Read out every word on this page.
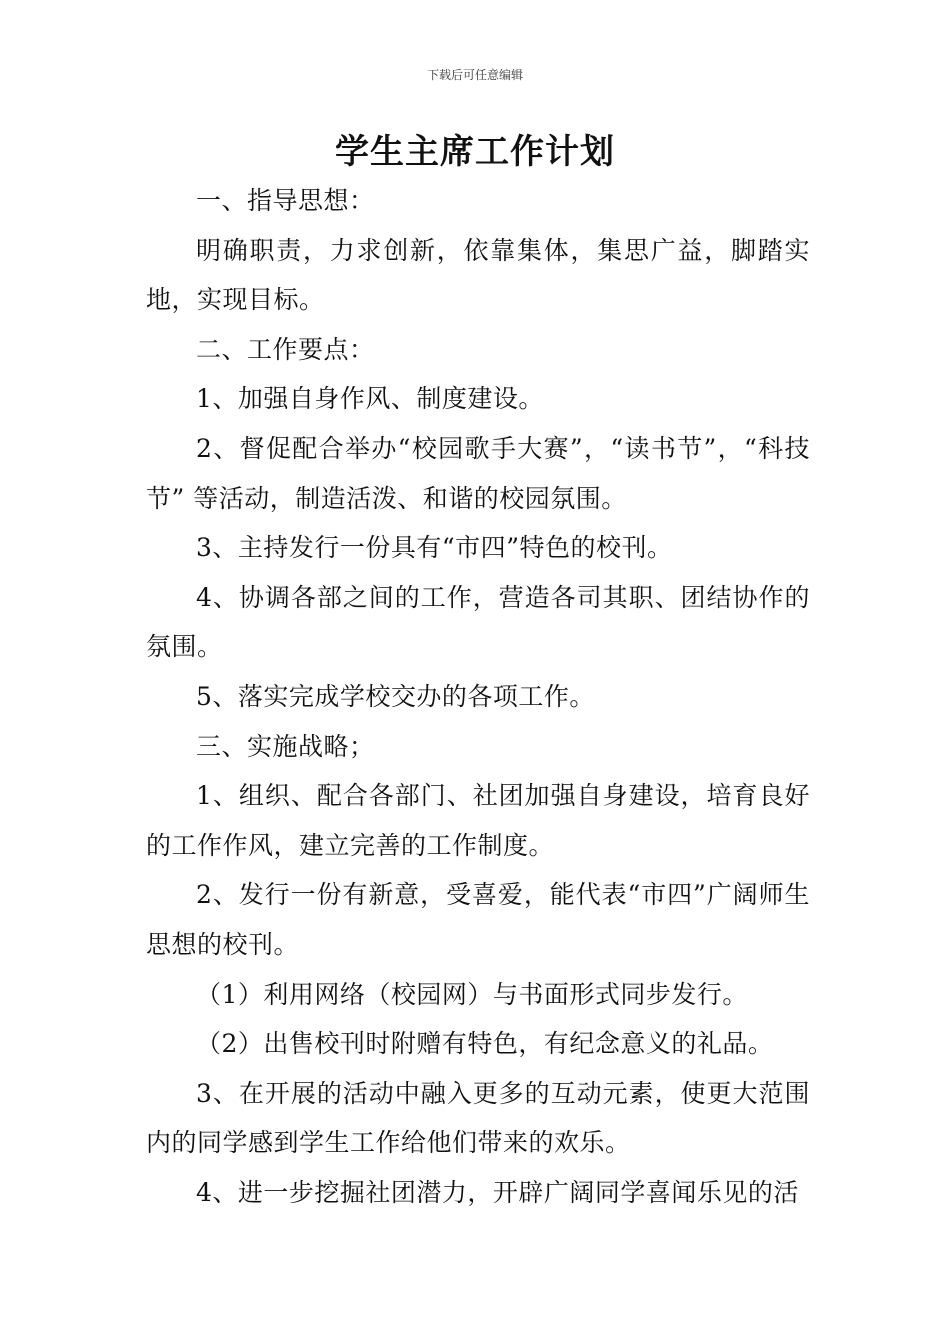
下载后可任意编辑
学生主席工作计划

一、指导思想：

明确职责，力求创新，依靠集体，集思广益，脚踏实地，实现目标。

二、工作要点：

1、加强自身作风、制度建设。

2、督促配合举办“校园歌手大赛”，“读书节”，“科技节” 等活动，制造活泼、和谐的校园氛围。

3、主持发行一份具有“市四”特色的校刊。

4、协调各部之间的工作，营造各司其职、团结协作的氛围。

5、落实完成学校交办的各项工作。

三、实施战略；

1、组织、配合各部门、社团加强自身建设，培育良好的工作作风，建立完善的工作制度。

2、发行一份有新意，受喜爱，能代表“市四”广阔师生思想的校刊。

（1）利用网络（校园网）与书面形式同步发行。

（2）出售校刊时附赠有特色，有纪念意义的礼品。

3、在开展的活动中融入更多的互动元素，使更大范围内的同学感到学生工作给他们带来的欢乐。

4、进一步挖掘社团潜力，开辟广阔同学喜闻乐见的活
